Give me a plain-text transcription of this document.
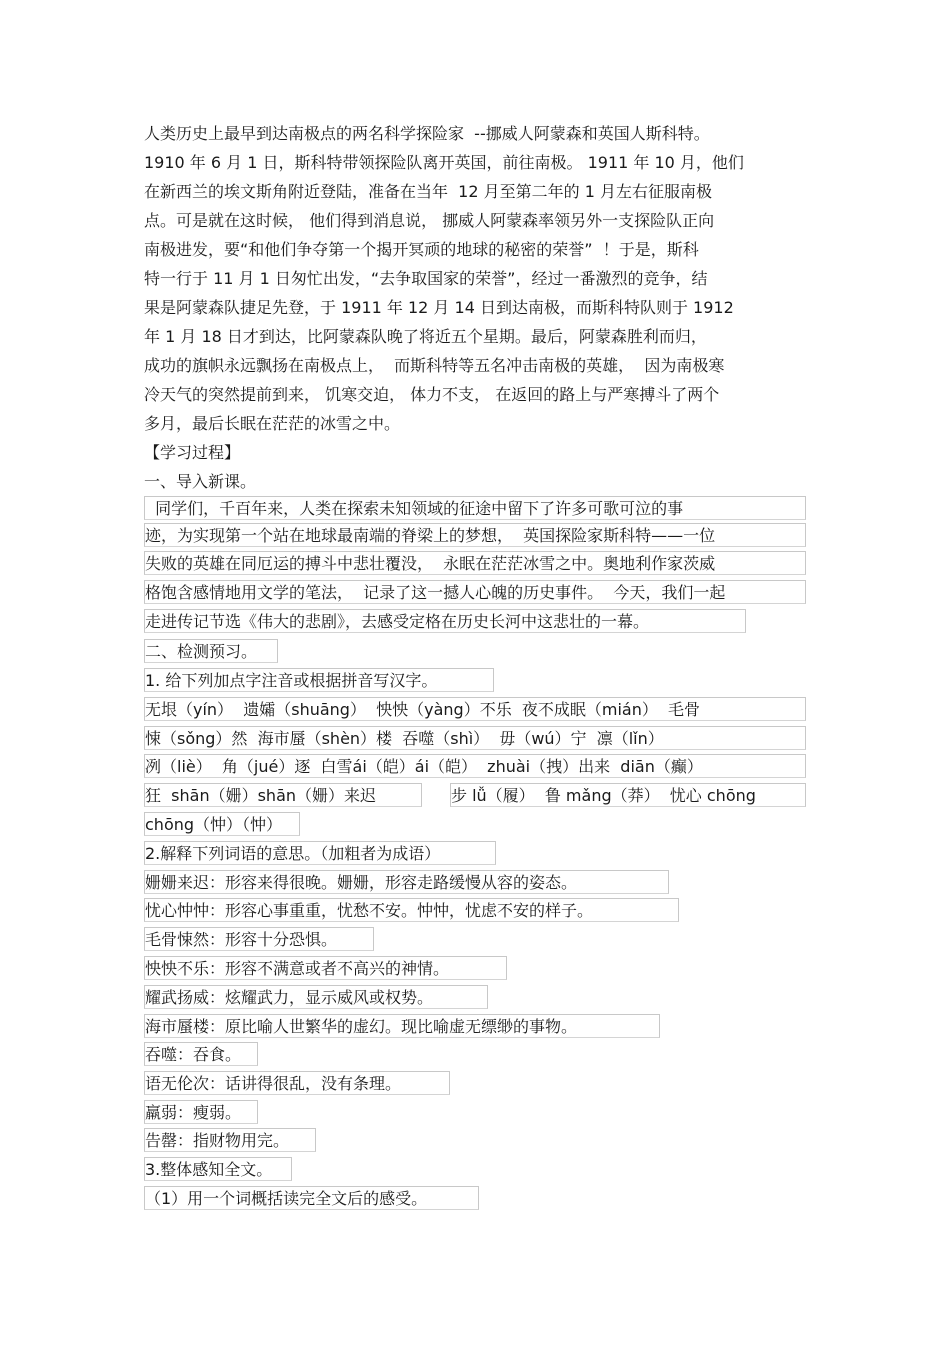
人类历史上最早到达南极点的两名科学探险家  --挪威人阿蒙森和英国人斯科特。
1910 年 6 月 1 日，斯科特带领探险队离开英国，前往南极。 1911 年 10 月，他们
在新西兰的埃文斯角附近登陆，准备在当年  12 月至第二年的 1 月左右征服南极
点。可是就在这时候， 他们得到消息说， 挪威人阿蒙森率领另外一支探险队正向
南极进发，要“和他们争夺第一个揭开冥顽的地球的秘密的荣誉”  ！于是，斯科
特一行于 11 月 1 日匆忙出发，“去争取国家的荣誉”，经过一番激烈的竞争，结
果是阿蒙森队捷足先登，于 1911 年 12 月 14 日到达南极，而斯科特队则于 1912
年 1 月 18 日才到达，比阿蒙森队晚了将近五个星期。最后，阿蒙森胜利而归，
成功的旗帜永远飘扬在南极点上，  而斯科特等五名冲击南极的英雄，  因为南极寒
冷天气的突然提前到来， 饥寒交迫， 体力不支， 在返回的路上与严寒搏斗了两个
多月，最后长眠在茫茫的冰雪之中。
【学习过程】
一、导入新课。
同学们，千百年来，人类在探索未知领域的征途中留下了许多可歌可泣的事
迹，为实现第一个站在地球最南端的脊梁上的梦想，  英国探险家斯科特——一位
失败的英雄在同厄运的搏斗中悲壮覆没，  永眠在茫茫冰雪之中。奥地利作家茨威
格饱含感情地用文学的笔法，  记录了这一撼人心魄的历史事件。  今天，我们一起
走进传记节选《伟大的悲剧》，去感受定格在历史长河中这悲壮的一幕。
二、检测预习。
1. 给下列加点字注音或根据拼音写汉字。
无垠（yín）  遗孀（shuāng）  怏怏（yàng）不乐  夜不成眠（mián）  毛骨
悚（sǒng）然  海市蜃（shèn）楼  吞噬（shì）  毋（wú）宁  凛（lǐn）
冽（liè）  角（jué）逐  白雪ái（皑）ái（皑）  zhuài（拽）出来  diān（癫）
狂  shān（姗）shān（姗）来迟	步 lǚ（履）  鲁 mǎng（莽）  忧心 chōng
chōng（忡）（忡）
2.解释下列词语的意思。（加粗者为成语）
姗姗来迟：形容来得很晚。姗姗，形容走路缓慢从容的姿态。
忧心忡忡：形容心事重重，忧愁不安。忡忡，忧虑不安的样子。
毛骨悚然：形容十分恐惧。
怏怏不乐：形容不满意或者不高兴的神情。
耀武扬威：炫耀武力，显示威风或权势。
海市蜃楼：原比喻人世繁华的虚幻。现比喻虚无缥缈的事物。
吞噬：吞食。
语无伦次：话讲得很乱，没有条理。
羸弱：瘦弱。
告罄：指财物用完。
3.整体感知全文。
（1）用一个词概括读完全文后的感受。
